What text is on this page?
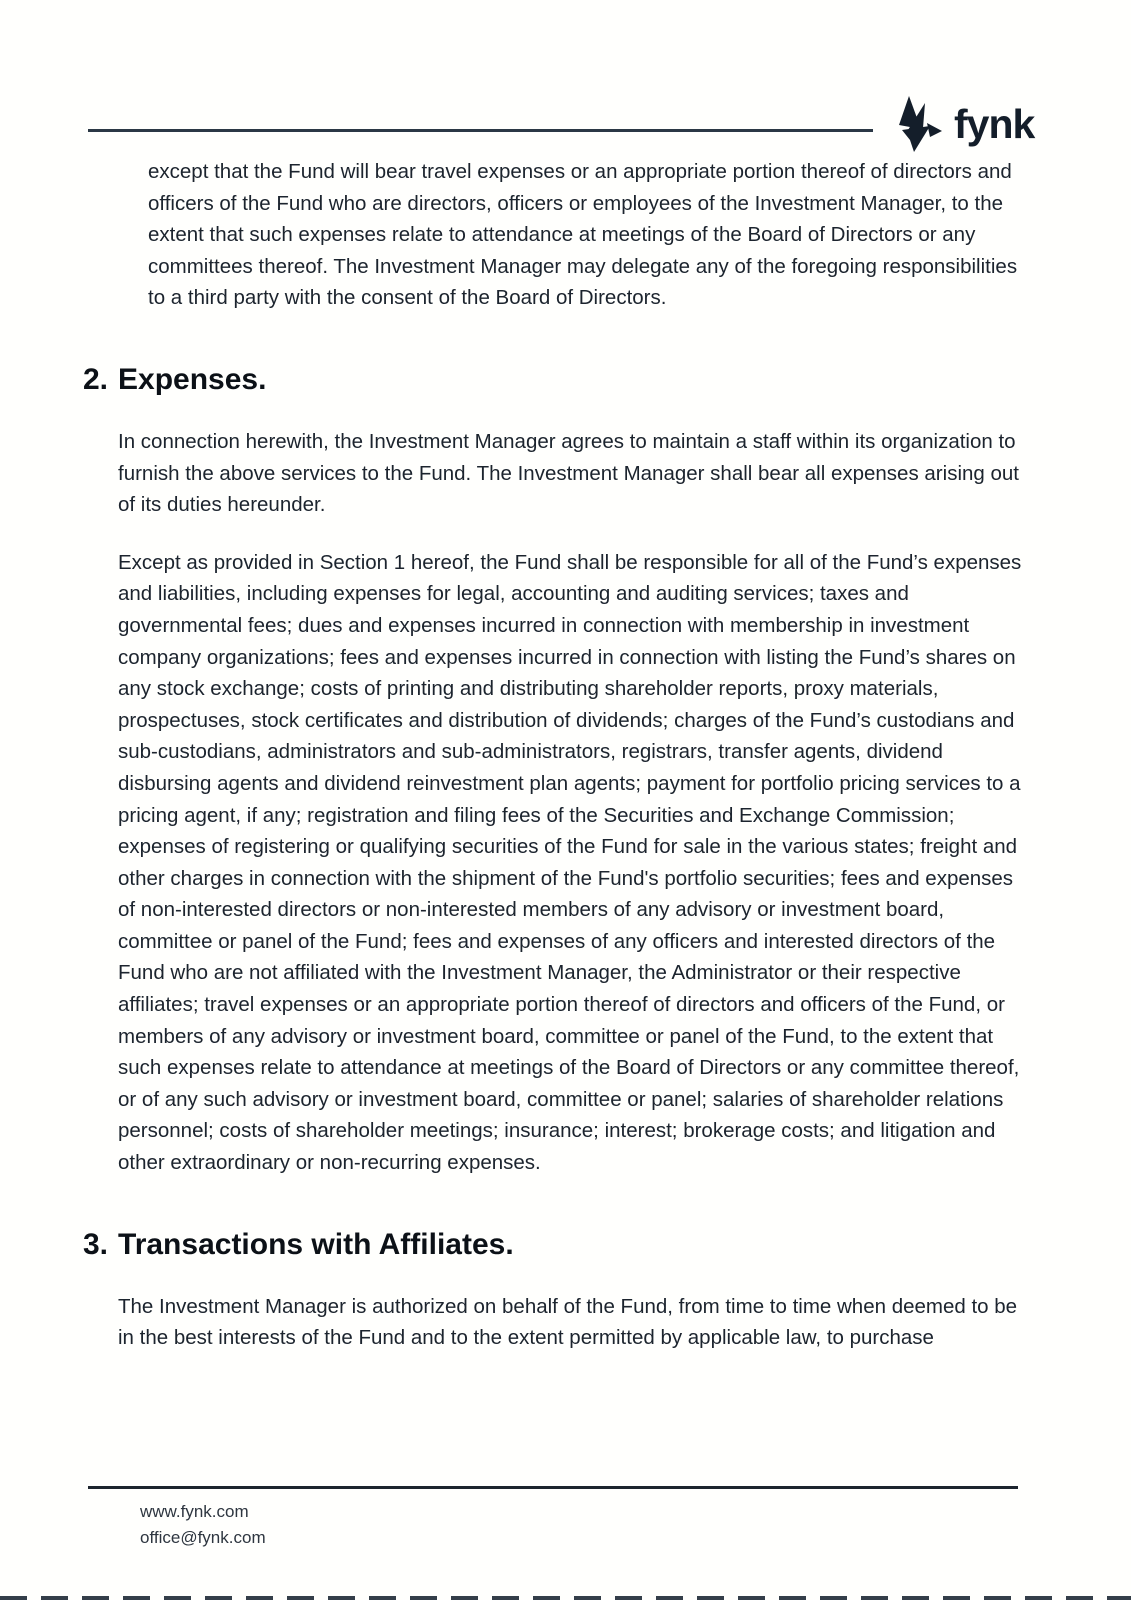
fynk

except that the Fund will bear travel expenses or an appropriate portion thereof of directors and officers of the Fund who are directors, officers or employees of the Investment Manager, to the extent that such expenses relate to attendance at meetings of the Board of Directors or any committees thereof. The Investment Manager may delegate any of the foregoing responsibilities to a third party with the consent of the Board of Directors.

2. Expenses.

In connection herewith, the Investment Manager agrees to maintain a staff within its organization to furnish the above services to the Fund. The Investment Manager shall bear all expenses arising out of its duties hereunder.

Except as provided in Section 1 hereof, the Fund shall be responsible for all of the Fund’s expenses and liabilities, including expenses for legal, accounting and auditing services; taxes and governmental fees; dues and expenses incurred in connection with membership in investment company organizations; fees and expenses incurred in connection with listing the Fund’s shares on any stock exchange; costs of printing and distributing shareholder reports, proxy materials, prospectuses, stock certificates and distribution of dividends; charges of the Fund’s custodians and sub-custodians, administrators and sub-administrators, registrars, transfer agents, dividend disbursing agents and dividend reinvestment plan agents; payment for portfolio pricing services to a pricing agent, if any; registration and filing fees of the Securities and Exchange Commission; expenses of registering or qualifying securities of the Fund for sale in the various states; freight and other charges in connection with the shipment of the Fund's portfolio securities; fees and expenses of non-interested directors or non-interested members of any advisory or investment board, committee or panel of the Fund; fees and expenses of any officers and interested directors of the Fund who are not affiliated with the Investment Manager, the Administrator or their respective affiliates; travel expenses or an appropriate portion thereof of directors and officers of the Fund, or members of any advisory or investment board, committee or panel of the Fund, to the extent that such expenses relate to attendance at meetings of the Board of Directors or any committee thereof, or of any such advisory or investment board, committee or panel; salaries of shareholder relations personnel; costs of shareholder meetings; insurance; interest; brokerage costs; and litigation and other extraordinary or non-recurring expenses.

3. Transactions with Affiliates.

The Investment Manager is authorized on behalf of the Fund, from time to time when deemed to be in the best interests of the Fund and to the extent permitted by applicable law, to purchase

www.fynk.com
office@fynk.com
